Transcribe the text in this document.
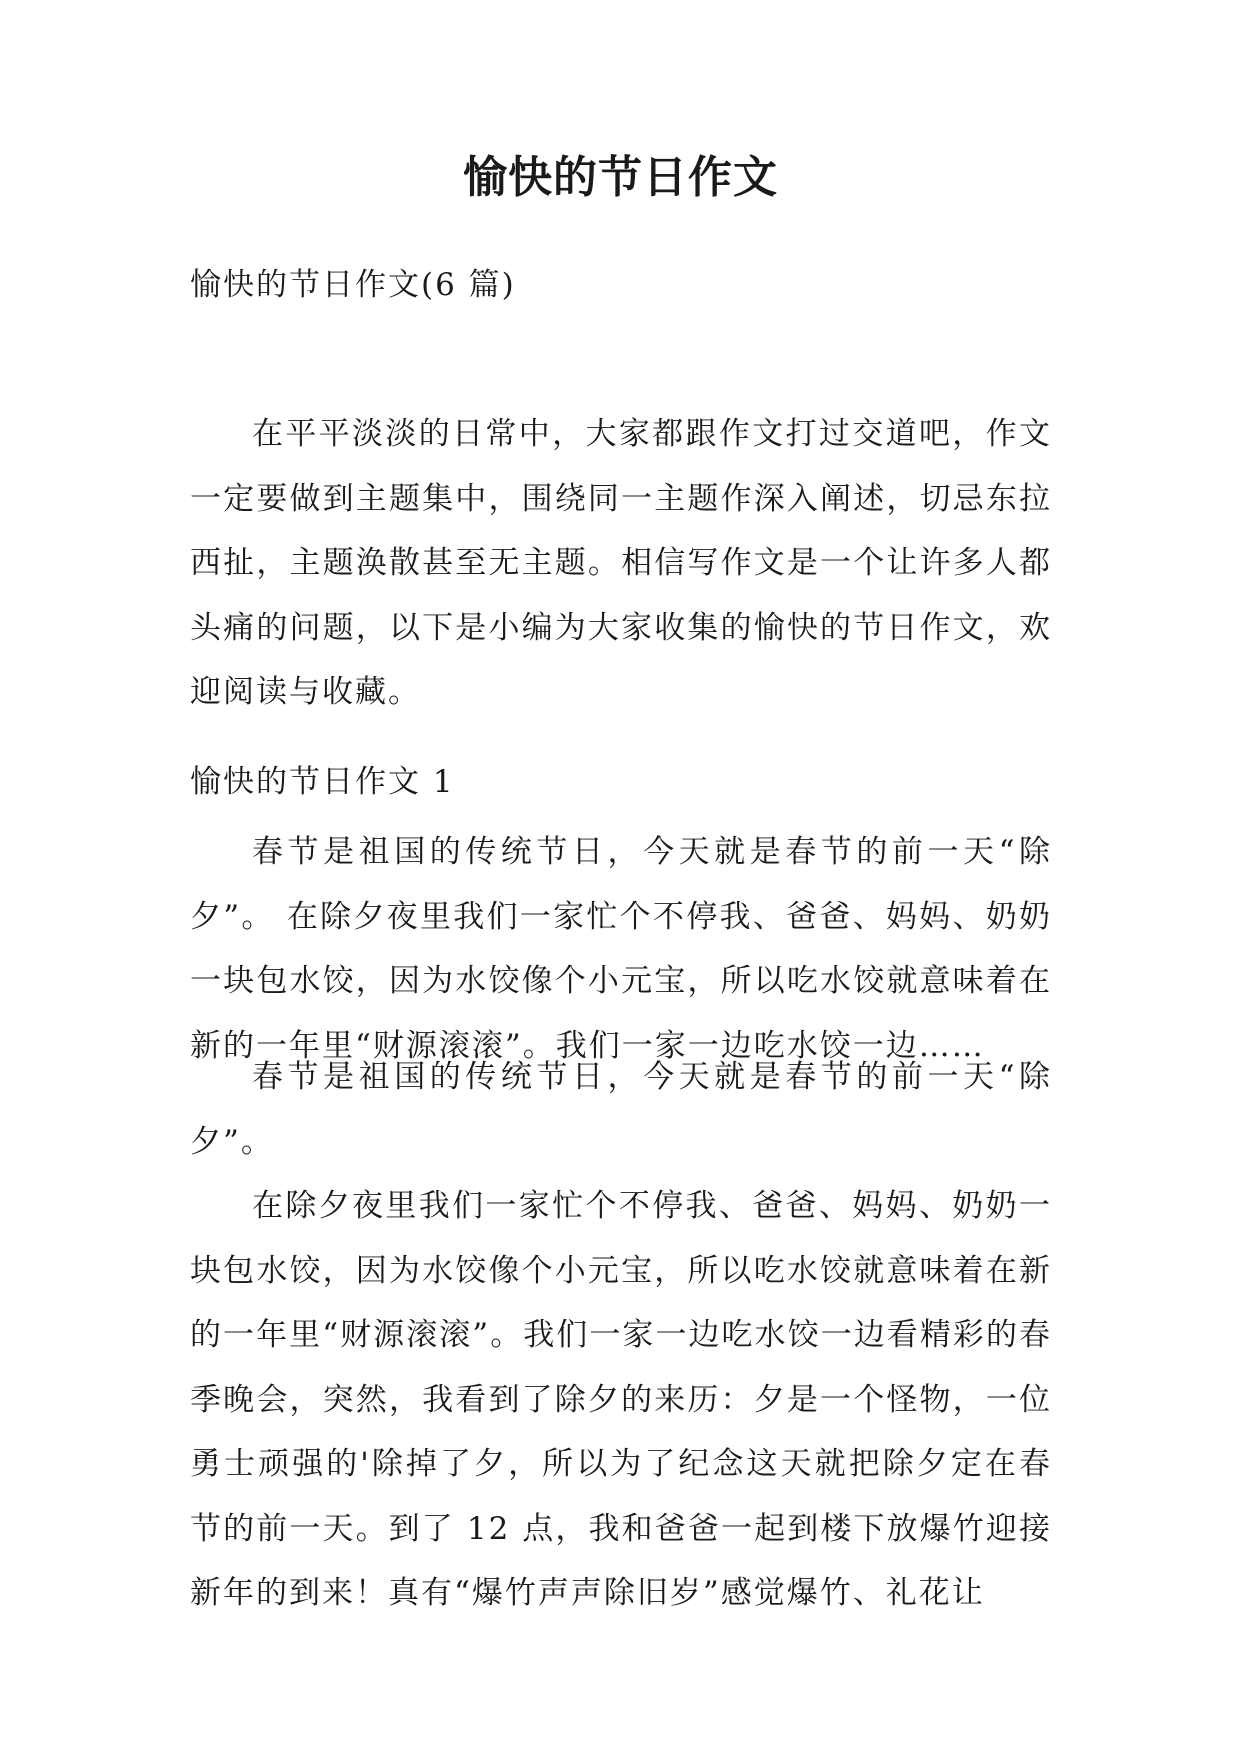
愉快的节日作文
愉快的节日作文(6 篇)

在平平淡淡的日常中，大家都跟作文打过交道吧，作文一定要做到主题集中，围绕同一主题作深入阐述，切忌东拉西扯，主题涣散甚至无主题。相信写作文是一个让许多人都头痛的问题，以下是小编为大家收集的愉快的节日作文，欢迎阅读与收藏。

愉快的节日作文 1

春节是祖国的传统节日，今天就是春节的前一天“除夕”。 在除夕夜里我们一家忙个不停我、爸爸、妈妈、奶奶一块包水饺，因为水饺像个小元宝，所以吃水饺就意味着在新的一年里“财源滚滚”。我们一家一边吃水饺一边……

春节是祖国的传统节日，今天就是春节的前一天“除夕”。

在除夕夜里我们一家忙个不停我、爸爸、妈妈、奶奶一块包水饺，因为水饺像个小元宝，所以吃水饺就意味着在新的一年里“财源滚滚”。我们一家一边吃水饺一边看精彩的春季晚会，突然，我看到了除夕的来历：夕是一个怪物，一位勇士顽强的'除掉了夕，所以为了纪念这天就把除夕定在春节的前一天。到了 12 点，我和爸爸一起到楼下放爆竹迎接新年的到来！真有“爆竹声声除旧岁”感觉爆竹、礼花让
